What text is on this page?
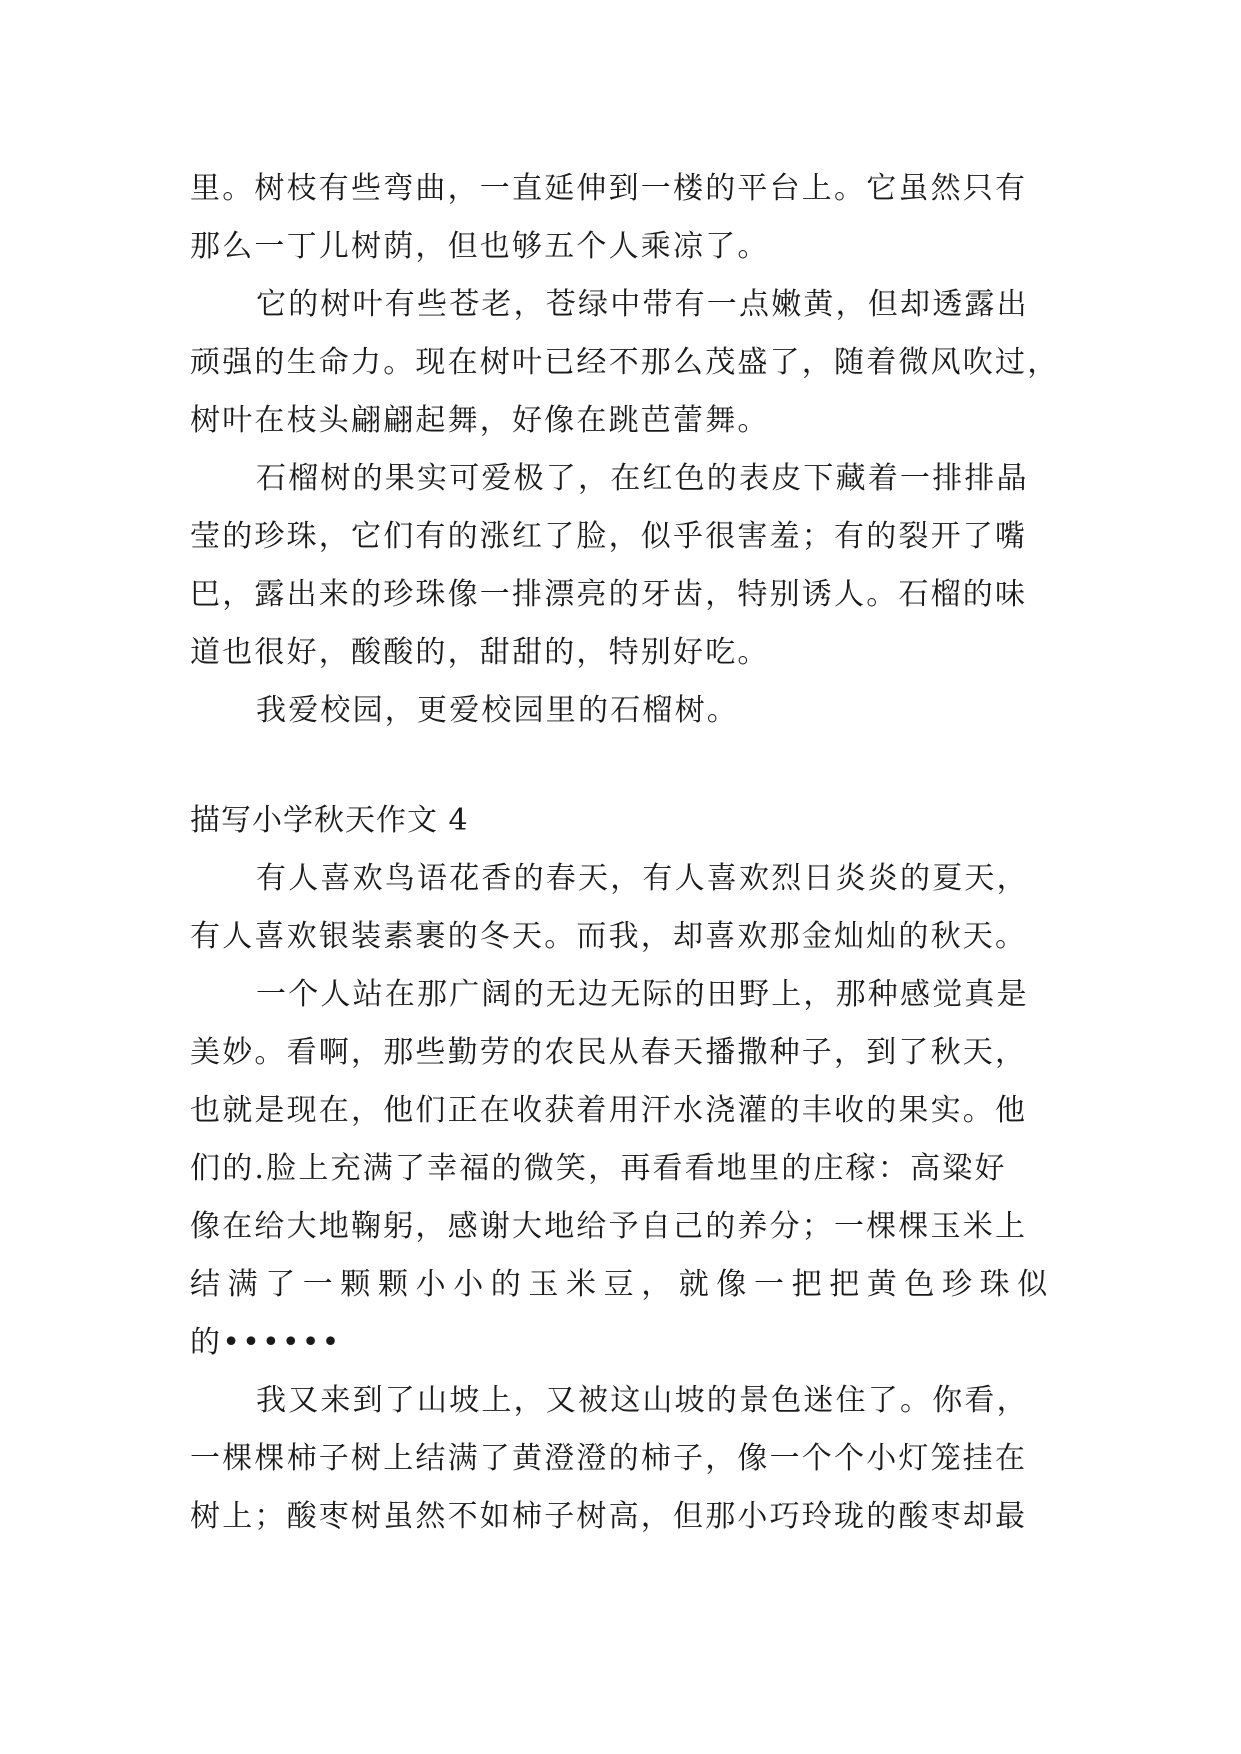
里。树枝有些弯曲，一直延伸到一楼的平台上。它虽然只有
那么一丁儿树荫，但也够五个人乘凉了。
它的树叶有些苍老，苍绿中带有一点嫩黄，但却透露出
顽强的生命力。现在树叶已经不那么茂盛了，随着微风吹过，
树叶在枝头翩翩起舞，好像在跳芭蕾舞。
石榴树的果实可爱极了，在红色的表皮下藏着一排排晶
莹的珍珠，它们有的涨红了脸，似乎很害羞；有的裂开了嘴
巴，露出来的珍珠像一排漂亮的牙齿，特别诱人。石榴的味
道也很好，酸酸的，甜甜的，特别好吃。
我爱校园，更爱校园里的石榴树。
描写小学秋天作文 4
有人喜欢鸟语花香的春天，有人喜欢烈日炎炎的夏天，
有人喜欢银装素裹的冬天。而我，却喜欢那金灿灿的秋天。
一个人站在那广阔的无边无际的田野上，那种感觉真是
美妙。看啊，那些勤劳的农民从春天播撒种子，到了秋天，
也就是现在，他们正在收获着用汗水浇灌的丰收的果实。他
们的.脸上充满了幸福的微笑，再看看地里的庄稼：高粱好
像在给大地鞠躬，感谢大地给予自己的养分；一棵棵玉米上
结满了一颗颗小小的玉米豆，就像一把把黄色珍珠似
的••••••
我又来到了山坡上，又被这山坡的景色迷住了。你看，
一棵棵柿子树上结满了黄澄澄的柿子，像一个个小灯笼挂在
树上；酸枣树虽然不如柿子树高，但那小巧玲珑的酸枣却最
